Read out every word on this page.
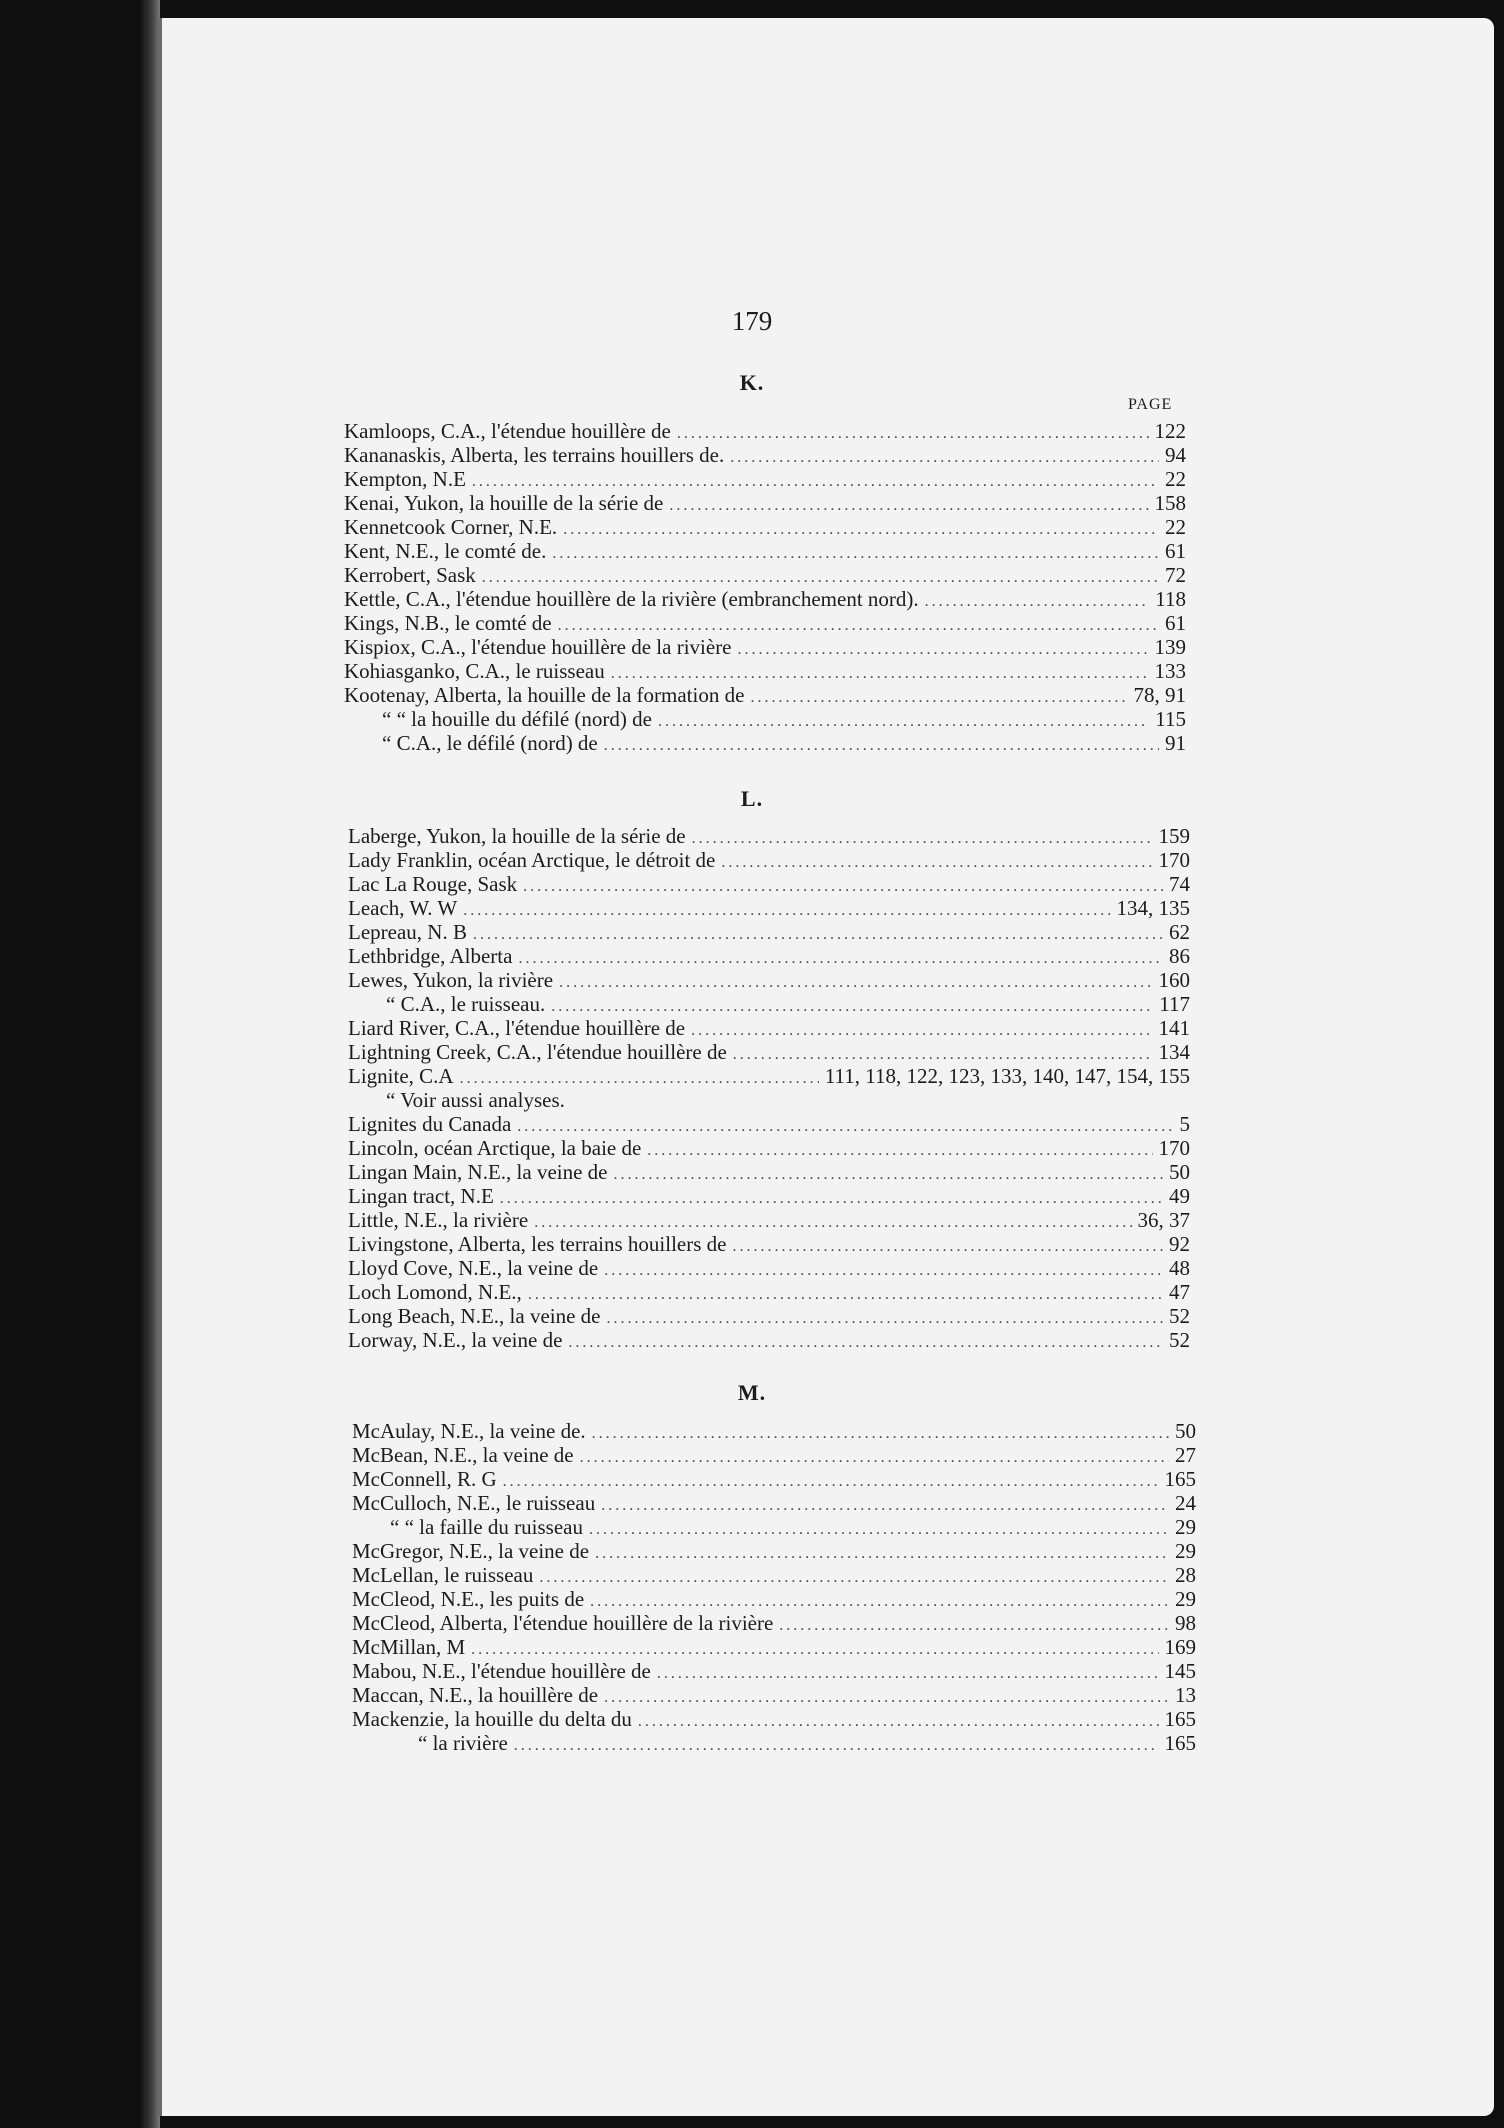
179
K.
PAGE
Kamloops, C.A., l'étendue houillère de .....	122
Kananaskis, Alberta, les terrains houillers de. .....	94
Kempton, N.E .....	22
Kenai, Yukon, la houille de la série de .....	158
Kennetcook Corner, N.E. .....	22
Kent, N.E., le comté de. .....	61
Kerrobert, Sask .....	72
Kettle, C.A., l'étendue houillère de la rivière (embranchement nord). .....	118
Kings, N.B., le comté de .....	61
Kispiox, C.A., l'étendue houillère de la rivière .....	139
Kohiasganko, C.A., le ruisseau .....	133
Kootenay, Alberta, la houille de la formation de .....	78, 91
“ “ la houille du défilé (nord) de .....	115
“ C.A., le défilé (nord) de .....	91
L.
Laberge, Yukon, la houille de la série de .....	159
Lady Franklin, océan Arctique, le détroit de .....	170
Lac La Rouge, Sask .....	74
Leach, W. W .....	134, 135
Lepreau, N. B .....	62
Lethbridge, Alberta .....	86
Lewes, Yukon, la rivière .....	160
“ C.A., le ruisseau. .....	117
Liard River, C.A., l'étendue houillère de .....	141
Lightning Creek, C.A., l'étendue houillère de .....	134
Lignite, C.A .....	111, 118, 122, 123, 133, 140, 147, 154, 155
“ Voir aussi analyses.
Lignites du Canada .....	5
Lincoln, océan Arctique, la baie de .....	170
Lingan Main, N.E., la veine de .....	50
Lingan tract, N.E .....	49
Little, N.E., la rivière .....	36, 37
Livingstone, Alberta, les terrains houillers de .....	92
Lloyd Cove, N.E., la veine de .....	48
Loch Lomond, N.E., .....	47
Long Beach, N.E., la veine de .....	52
Lorway, N.E., la veine de .....	52
M.
McAulay, N.E., la veine de. .....	50
McBean, N.E., la veine de .....	27
McConnell, R. G .....	165
McCulloch, N.E., le ruisseau .....	24
“ “ la faille du ruisseau .....	29
McGregor, N.E., la veine de .....	29
McLellan, le ruisseau .....	28
McCleod, N.E., les puits de .....	29
McCleod, Alberta, l'étendue houillère de la rivière .....	98
McMillan, M .....	169
Mabou, N.E., l'étendue houillère de .....	145
Maccan, N.E., la houillère de .....	13
Mackenzie, la houille du delta du .....	165
“ la rivière .....	165
